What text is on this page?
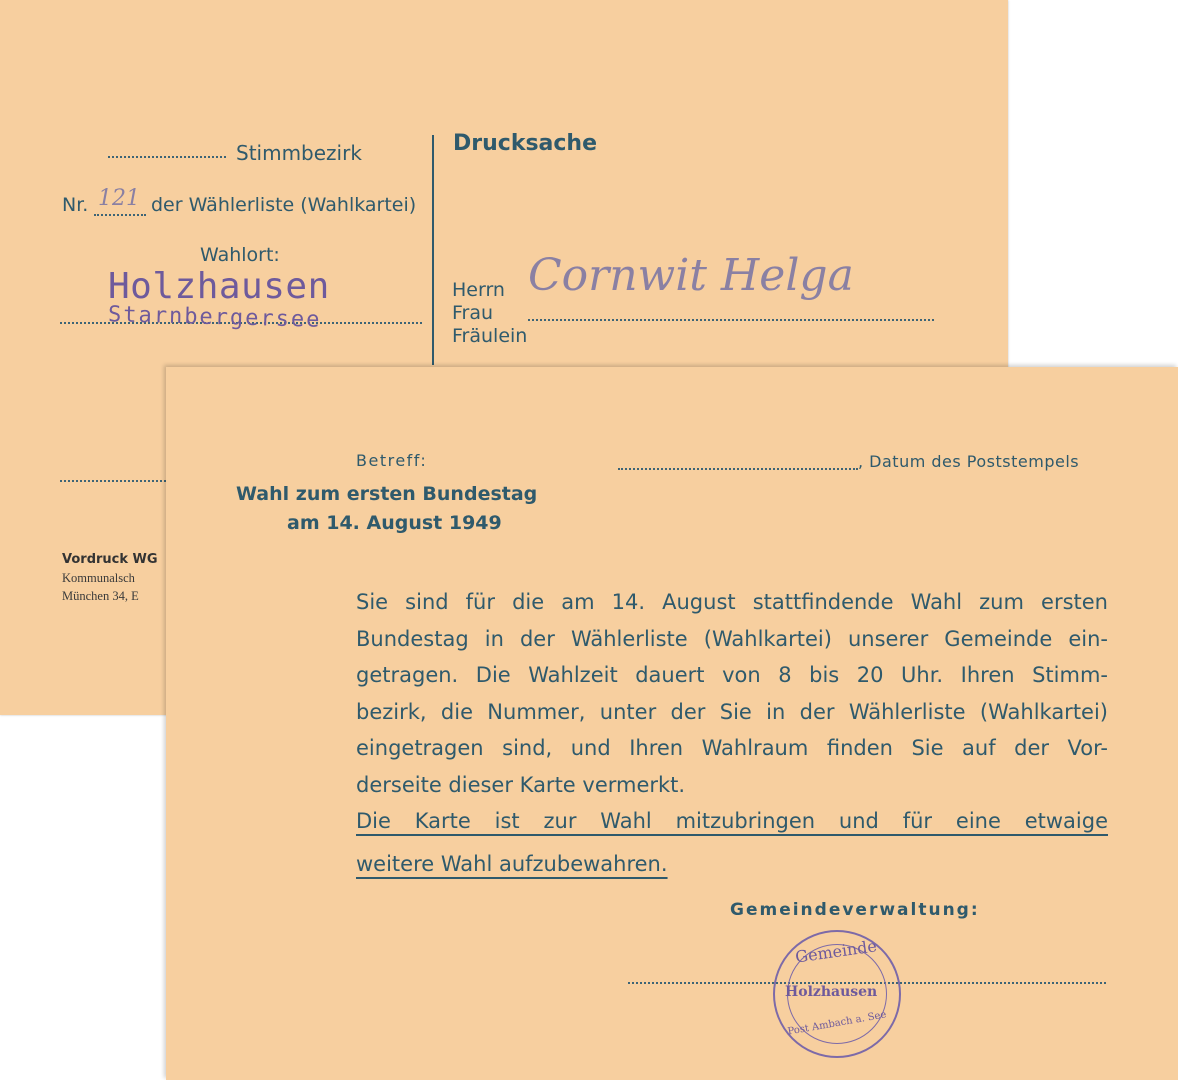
Stimmbezirk
Nr. 121 der Wählerliste (Wahlkartei)
Wahlort:
Holzhausen
Starnbergersee
Drucksache
Herrn
Frau
Fräulein
Cornwit Helga
Vordruck WG
Kommunalsch
München 34, E
Betreff:	, Datum des Poststempels
Wahl zum ersten Bundestag
am 14. August 1949
Sie sind für die am 14. August stattfindende Wahl zum ersten
Bundestag in der Wählerliste (Wahlkartei) unserer Gemeinde ein-
getragen. Die Wahlzeit dauert von 8 bis 20 Uhr. Ihren Stimm-
bezirk, die Nummer, unter der Sie in der Wählerliste (Wahlkartei)
eingetragen sind, und Ihren Wahlraum finden Sie auf der Vor-
derseite dieser Karte vermerkt.
Die Karte ist zur Wahl mitzubringen und für eine etwaige
weitere Wahl aufzubewahren.
Gemeindeverwaltung:
Gemeinde
Holzhausen
Post Ambach a. See
